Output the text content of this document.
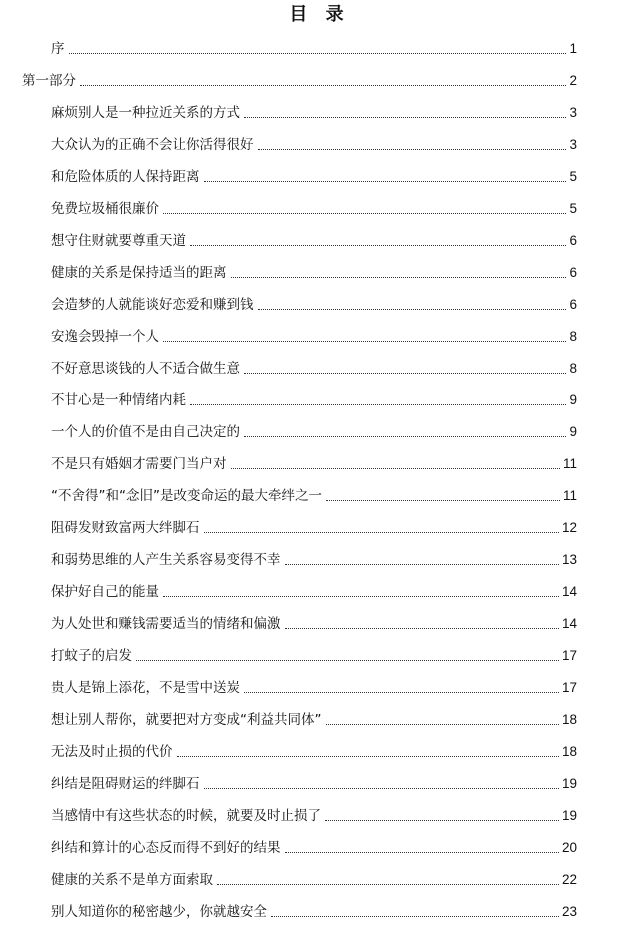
目 录
序	1
第一部分	2
麻烦别人是一种拉近关系的方式	3
大众认为的正确不会让你活得很好	3
和危险体质的人保持距离	5
免费垃圾桶很廉价	5
想守住财就要尊重天道	6
健康的关系是保持适当的距离	6
会造梦的人就能谈好恋爱和赚到钱	6
安逸会毁掉一个人	8
不好意思谈钱的人不适合做生意	8
不甘心是一种情绪内耗	9
一个人的价值不是由自己决定的	9
不是只有婚姻才需要门当户对	11
“不舍得”和“念旧”是改变命运的最大牵绊之一	11
阻碍发财致富两大绊脚石	12
和弱势思维的人产生关系容易变得不幸	13
保护好自己的能量	14
为人处世和赚钱需要适当的情绪和偏激	14
打蚊子的启发	17
贵人是锦上添花，不是雪中送炭	17
想让别人帮你，就要把对方变成“利益共同体”	18
无法及时止损的代价	18
纠结是阻碍财运的绊脚石	19
当感情中有这些状态的时候，就要及时止损了	19
纠结和算计的心态反而得不到好的结果	20
健康的关系不是单方面索取	22
别人知道你的秘密越少，你就越安全	23
